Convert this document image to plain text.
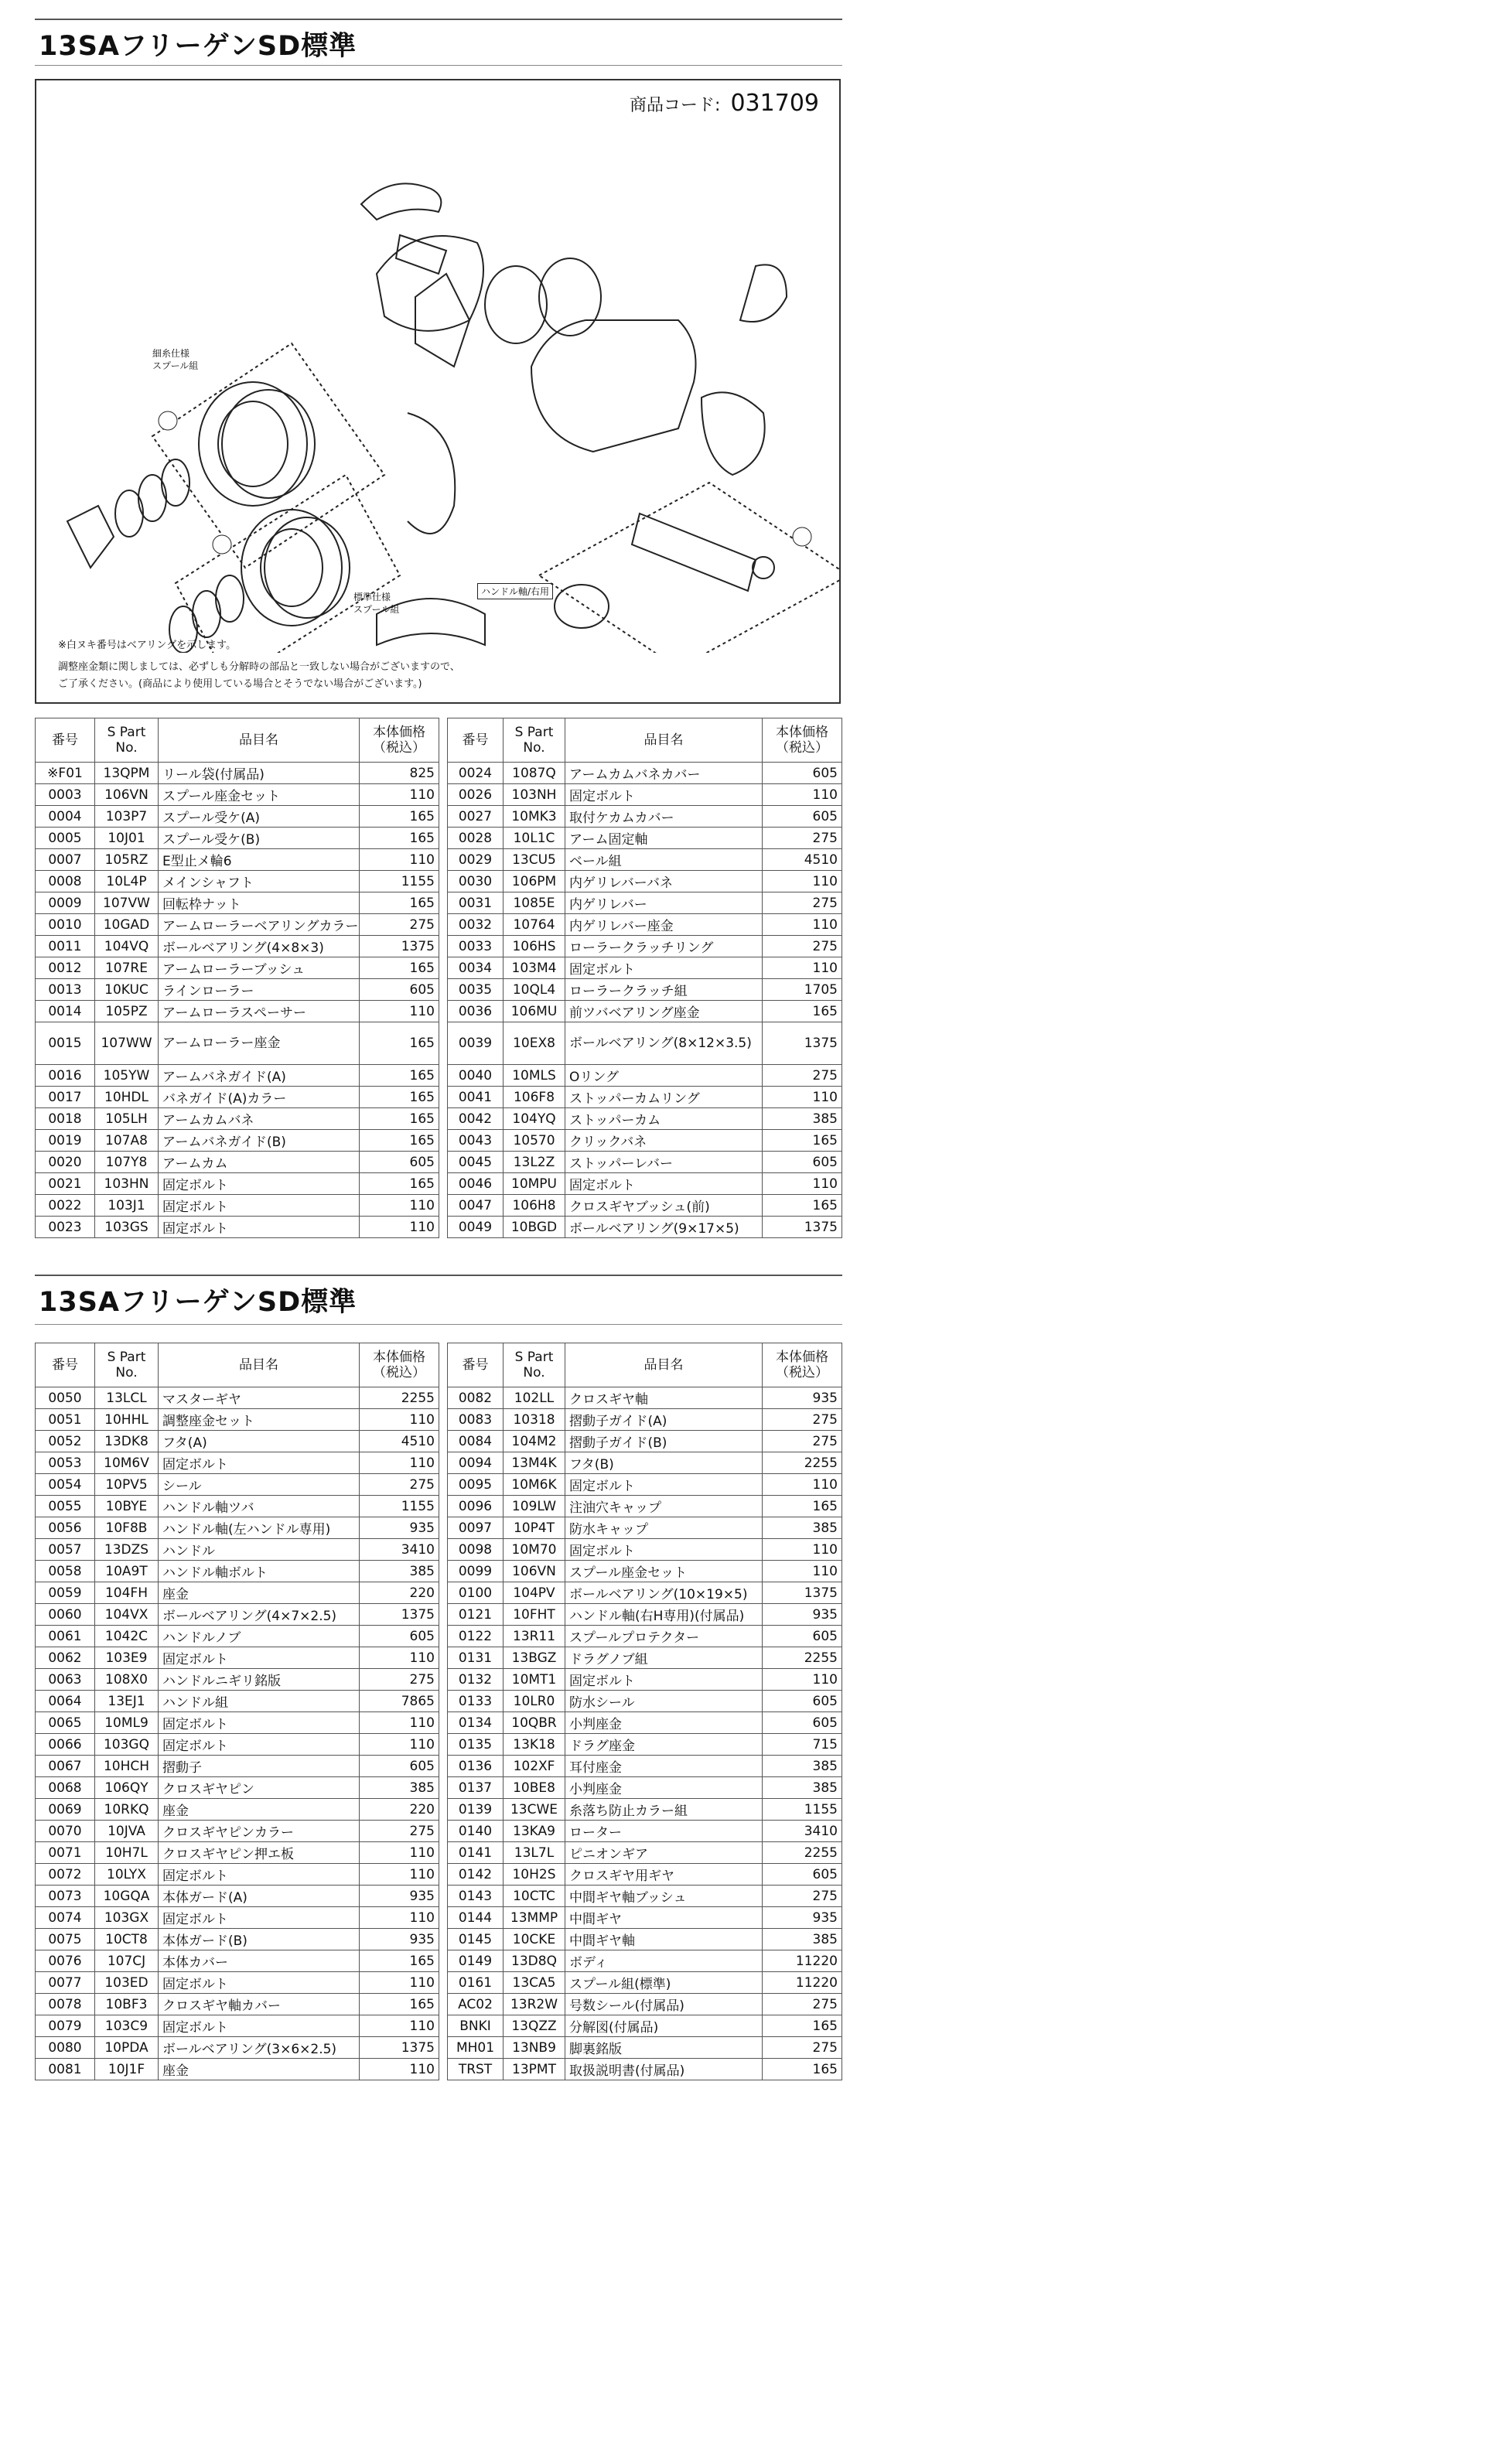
13SAフリーゲンSD標準
商品コード: 031709
細糸仕様
スプール組
標準仕様
スプール組
ハンドル軸/右用
※白ヌキ番号はベアリングを示します。
調整座金類に関しましては、必ずしも分解時の部品と一致しない場合がございますので、
ご了承ください。(商品により使用している場合とそうでない場合がございます。)
番号	S Part
No.	品目名	本体価格
（税込）
※F01	13QPM	リール袋(付属品)	825
0003	106VN	スプール座金セット	110
0004	103P7	スプール受ケ(A)	165
0005	10J01	スプール受ケ(B)	165
0007	105RZ	E型止メ輪6	110
0008	10L4P	メインシャフト	1155
0009	107VW	回転枠ナット	165
0010	10GAD	アームローラーベアリングカラー	275
0011	104VQ	ボールベアリング(4×8×3)	1375
0012	107RE	アームローラーブッシュ	165
0013	10KUC	ラインローラー	605
0014	105PZ	アームローラスペーサー	110
0015	107WW	アームローラー座金	165
0016	105YW	アームバネガイド(A)	165
0017	10HDL	バネガイド(A)カラー	165
0018	105LH	アームカムバネ	165
0019	107A8	アームバネガイド(B)	165
0020	107Y8	アームカム	605
0021	103HN	固定ボルト	165
0022	103J1	固定ボルト	110
0023	103GS	固定ボルト	110
番号	S Part
No.	品目名	本体価格
（税込）
0024	1087Q	アームカムバネカバー	605
0026	103NH	固定ボルト	110
0027	10MK3	取付ケカムカバー	605
0028	10L1C	アーム固定軸	275
0029	13CU5	ベール組	4510
0030	106PM	内ゲリレバーバネ	110
0031	1085E	内ゲリレバー	275
0032	10764	内ゲリレバー座金	110
0033	106HS	ローラークラッチリング	275
0034	103M4	固定ボルト	110
0035	10QL4	ローラークラッチ組	1705
0036	106MU	前ツバベアリング座金	165
0039	10EX8	ボールベアリング(8×12×3.5)	1375
0040	10MLS	Oリング	275
0041	106F8	ストッパーカムリング	110
0042	104YQ	ストッパーカム	385
0043	10570	クリックバネ	165
0045	13L2Z	ストッパーレバー	605
0046	10MPU	固定ボルト	110
0047	106H8	クロスギヤブッシュ(前)	165
0049	10BGD	ボールベアリング(9×17×5)	1375
13SAフリーゲンSD標準
番号	S Part
No.	品目名	本体価格
（税込）
0050	13LCL	マスターギヤ	2255
0051	10HHL	調整座金セット	110
0052	13DK8	フタ(A)	4510
0053	10M6V	固定ボルト	110
0054	10PV5	シール	275
0055	10BYE	ハンドル軸ツバ	1155
0056	10F8B	ハンドル軸(左ハンドル専用)	935
0057	13DZS	ハンドル	3410
0058	10A9T	ハンドル軸ボルト	385
0059	104FH	座金	220
0060	104VX	ボールベアリング(4×7×2.5)	1375
0061	1042C	ハンドルノブ	605
0062	103E9	固定ボルト	110
0063	108X0	ハンドルニギリ銘版	275
0064	13EJ1	ハンドル組	7865
0065	10ML9	固定ボルト	110
0066	103GQ	固定ボルト	110
0067	10HCH	摺動子	605
0068	106QY	クロスギヤピン	385
0069	10RKQ	座金	220
0070	10JVA	クロスギヤピンカラー	275
0071	10H7L	クロスギヤピン押エ板	110
0072	10LYX	固定ボルト	110
0073	10GQA	本体ガード(A)	935
0074	103GX	固定ボルト	110
0075	10CT8	本体ガード(B)	935
0076	107CJ	本体カバー	165
0077	103ED	固定ボルト	110
0078	10BF3	クロスギヤ軸カバー	165
0079	103C9	固定ボルト	110
0080	10PDA	ボールベアリング(3×6×2.5)	1375
0081	10J1F	座金	110
番号	S Part
No.	品目名	本体価格
（税込）
0082	102LL	クロスギヤ軸	935
0083	10318	摺動子ガイド(A)	275
0084	104M2	摺動子ガイド(B)	275
0094	13M4K	フタ(B)	2255
0095	10M6K	固定ボルト	110
0096	109LW	注油穴キャップ	165
0097	10P4T	防水キャップ	385
0098	10M70	固定ボルト	110
0099	106VN	スプール座金セット	110
0100	104PV	ボールベアリング(10×19×5)	1375
0121	10FHT	ハンドル軸(右H専用)(付属品)	935
0122	13R11	スプールプロテクター	605
0131	13BGZ	ドラグノブ組	2255
0132	10MT1	固定ボルト	110
0133	10LR0	防水シール	605
0134	10QBR	小判座金	605
0135	13K18	ドラグ座金	715
0136	102XF	耳付座金	385
0137	10BE8	小判座金	385
0139	13CWE	糸落ち防止カラー組	1155
0140	13KA9	ローター	3410
0141	13L7L	ピニオンギア	2255
0142	10H2S	クロスギヤ用ギヤ	605
0143	10CTC	中間ギヤ軸ブッシュ	275
0144	13MMP	中間ギヤ	935
0145	10CKE	中間ギヤ軸	385
0149	13D8Q	ボディ	11220
0161	13CA5	スプール組(標準)	11220
AC02	13R2W	号数シール(付属品)	275
BNKI	13QZZ	分解図(付属品)	165
MH01	13NB9	脚裏銘版	275
TRST	13PMT	取扱説明書(付属品)	165
